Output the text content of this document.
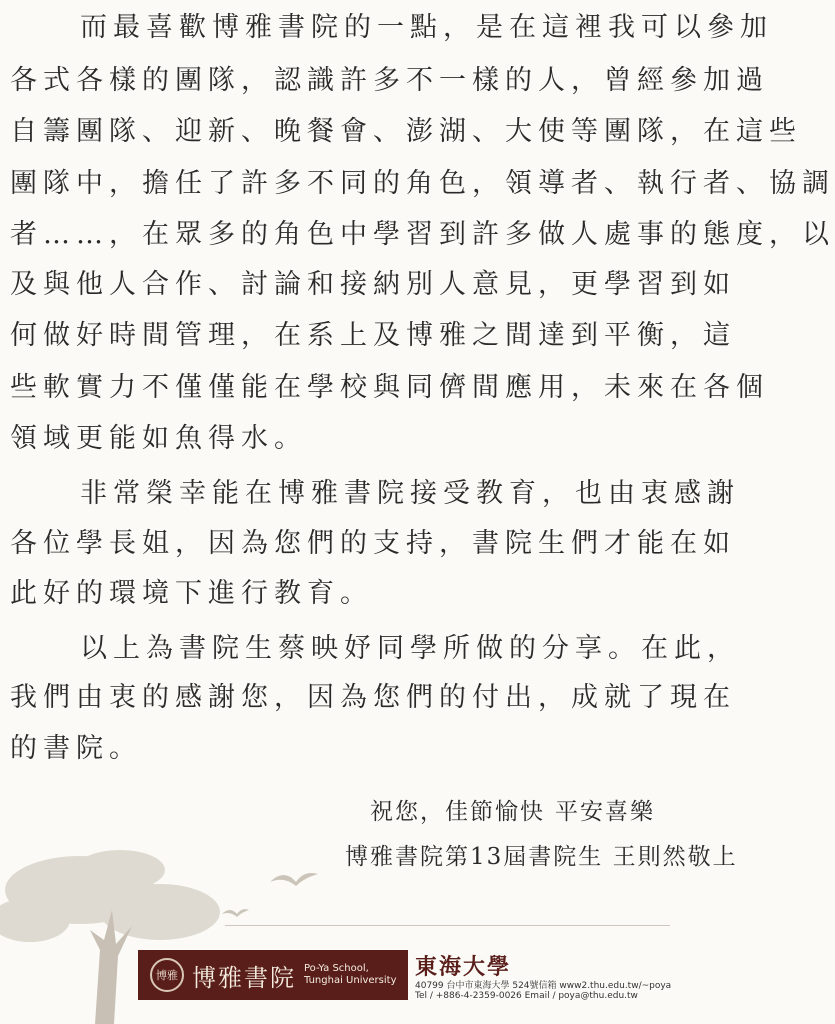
而最喜歡博雅書院的一點，是在這裡我可以參加
各式各樣的團隊，認識許多不一樣的人，曾經參加過
自籌團隊、迎新、晚餐會、澎湖、大使等團隊，在這些
團隊中，擔任了許多不同的角色，領導者、執行者、協調
者……，在眾多的角色中學習到許多做人處事的態度，以
及與他人合作、討論和接納別人意見，更學習到如
何做好時間管理，在系上及博雅之間達到平衡，這
些軟實力不僅僅能在學校與同儕間應用，未來在各個
領域更能如魚得水。
非常榮幸能在博雅書院接受教育，也由衷感謝
各位學長姐，因為您們的支持，書院生們才能在如
此好的環境下進行教育。
以上為書院生蔡映妤同學所做的分享。在此，
我們由衷的感謝您，因為您們的付出，成就了現在
的書院。
祝您，佳節愉快 平安喜樂
博雅書院第13屆書院生 王則然敬上
博雅 博雅書院 Po-Ya School,
Tunghai University
東海大學
40799 台中市東海大學 524號信箱 www2.thu.edu.tw/~poya
Tel / +886-4-2359-0026 Email / poya@thu.edu.tw
